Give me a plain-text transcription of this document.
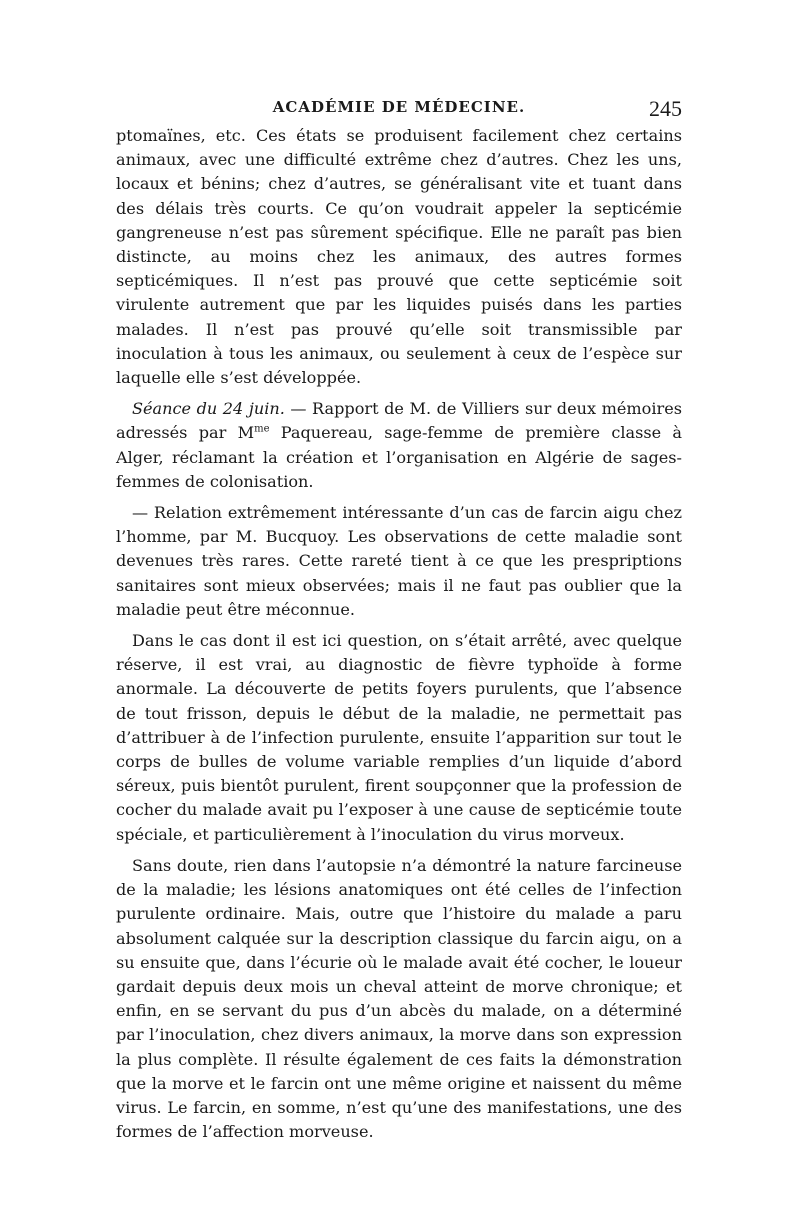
ACADÉMIE DE MÉDECINE.	245

ptomaïnes, etc. Ces états se produisent facilement chez certains animaux, avec une difficulté extrême chez d’autres. Chez les uns, locaux et bénins; chez d’autres, se généralisant vite et tuant dans des délais très courts. Ce qu’on voudrait appeler la septicémie gangreneuse n’est pas sûrement spécifique. Elle ne paraît pas bien distincte, au moins chez les animaux, des autres formes septicémiques. Il n’est pas prouvé que cette septicémie soit virulente autrement que par les liquides puisés dans les parties malades. Il n’est pas prouvé qu’elle soit transmissible par inoculation à tous les animaux, ou seulement à ceux de l’espèce sur laquelle elle s’est développée.

Séance du 24 juin. — Rapport de M. de Villiers sur deux mémoires adressés par $M^{me}$ Paquereau, sage-femme de première classe à Alger, réclamant la création et l’organisation en Algérie de sages-femmes de colonisation.

— Relation extrêmement intéressante d’un cas de farcin aigu chez l’homme, par M. Bucquoy. Les observations de cette maladie sont devenues très rares. Cette rareté tient à ce que les prespriptions sanitaires sont mieux observées; mais il ne faut pas oublier que la maladie peut être méconnue.

Dans le cas dont il est ici question, on s’était arrêté, avec quelque réserve, il est vrai, au diagnostic de fièvre typhoïde à forme anormale. La découverte de petits foyers purulents, que l’absence de tout frisson, depuis le début de la maladie, ne permettait pas d’attribuer à de l’infection purulente, ensuite l’apparition sur tout le corps de bulles de volume variable remplies d’un liquide d’abord séreux, puis bientôt purulent, firent soupçonner que la profession de cocher du malade avait pu l’exposer à une cause de septicémie toute spéciale, et particulièrement à l’inoculation du virus morveux.

Sans doute, rien dans l’autopsie n’a démontré la nature farcineuse de la maladie; les lésions anatomiques ont été celles de l’infection purulente ordinaire. Mais, outre que l’histoire du malade a paru absolument calquée sur la description classique du farcin aigu, on a su ensuite que, dans l’écurie où le malade avait été cocher, le loueur gardait depuis deux mois un cheval atteint de morve chronique; et enfin, en se servant du pus d’un abcès du malade, on a déterminé par l’inoculation, chez divers animaux, la morve dans son expression la plus complète. Il résulte également de ces faits la démonstration que la morve et le farcin ont une même origine et naissent du même virus. Le farcin, en somme, n’est qu’une des manifestations, une des formes de l’affection morveuse.
